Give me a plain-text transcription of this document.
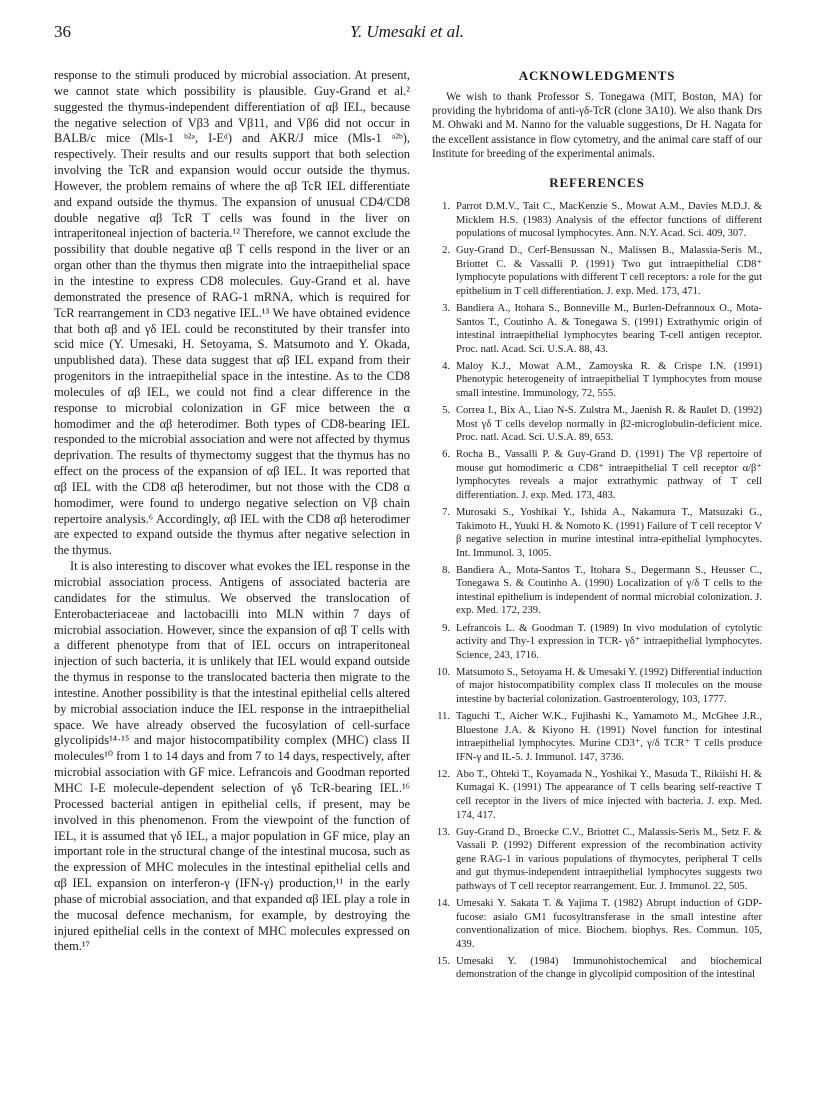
36	Y. Umesaki et al.

response to the stimuli produced by microbial association. At present, we cannot state which possibility is plausible. Guy-Grand et al.² suggested the thymus-independent differentiation of αβ IEL, because the negative selection of Vβ3 and Vβ11, and Vβ6 did not occur in BALB/c mice (Mls-1 ᵇ²ᵃ, I-Eᵈ) and AKR/J mice (Mls-1 ᵃ²ᵇ), respectively. Their results and our results support that both selection involving the TcR and expansion would occur outside the thymus. However, the problem remains of where the αβ TcR IEL differentiate and expand outside the thymus. The expansion of unusual CD4/CD8 double negative αβ TcR T cells was found in the liver on intraperitoneal injection of bacteria.¹² Therefore, we cannot exclude the possibility that double negative αβ T cells respond in the liver or an organ other than the thymus then migrate into the intraepithelial space in the intestine to express CD8 molecules. Guy-Grand et al. have demonstrated the presence of RAG-1 mRNA, which is required for TcR rearrangement in CD3 negative IEL.¹³ We have obtained evidence that both αβ and γδ IEL could be reconstituted by their transfer into scid mice (Y. Umesaki, H. Setoyama, S. Matsumoto and Y. Okada, unpublished data). These data suggest that αβ IEL expand from their progenitors in the intraepithelial space in the intestine. As to the CD8 molecules of αβ IEL, we could not find a clear difference in the response to microbial colonization in GF mice between the α homodimer and the αβ heterodimer. Both types of CD8-bearing IEL responded to the microbial association and were not affected by thymus deprivation. The results of thymectomy suggest that the thymus has no effect on the process of the expansion of αβ IEL. It was reported that αβ IEL with the CD8 αβ heterodimer, but not those with the CD8 α homodimer, were found to undergo negative selection on Vβ chain repertoire analysis.⁶ Accordingly, αβ IEL with the CD8 αβ heterodimer are expected to expand outside the thymus after negative selection in the thymus.

It is also interesting to discover what evokes the IEL response in the microbial association process. Antigens of associated bacteria are candidates for the stimulus. We observed the translocation of Enterobacteriaceae and lactobacilli into MLN within 7 days of microbial association. However, since the expansion of αβ T cells with a different phenotype from that of IEL occurs on intraperitoneal injection of such bacteria, it is unlikely that IEL would expand outside the thymus in response to the translocated bacteria then migrate to the intestine. Another possibility is that the intestinal epithelial cells altered by microbial association induce the IEL response in the intraepithelial space. We have already observed the fucosylation of cell-surface glycolipids¹⁴·¹⁵ and major histocompatibility complex (MHC) class II molecules¹⁰ from 1 to 14 days and from 7 to 14 days, respectively, after microbial association with GF mice. Lefrancois and Goodman reported MHC I-E molecule-dependent selection of γδ TcR-bearing IEL.¹⁶ Processed bacterial antigen in epithelial cells, if present, may be involved in this phenomenon. From the viewpoint of the function of IEL, it is assumed that γδ IEL, a major population in GF mice, play an important role in the structural change of the intestinal mucosa, such as the expression of MHC molecules in the intestinal epithelial cells and αβ IEL expansion on interferon-γ (IFN-γ) production,¹¹ in the early phase of microbial association, and that expanded αβ IEL play a role in the mucosal defence mechanism, for example, by destroying the injured epithelial cells in the context of MHC molecules expressed on them.¹⁷

ACKNOWLEDGMENTS

We wish to thank Professor S. Tonegawa (MIT, Boston, MA) for providing the hybridoma of anti-γδ-TcR (clone 3A10). We also thank Drs M. Ohwaki and M. Nanno for the valuable suggestions, Dr H. Nagata for the excellent assistance in flow cytometry, and the animal care staff of our Institute for breeding of the experimental animals.

REFERENCES
1. Parrot D.M.V., Tait C., MacKenzie S., Mowat A.M., Davies M.D.J. & Micklem H.S. (1983) Analysis of the effector functions of different populations of mucosal lymphocytes. Ann. N.Y. Acad. Sci. 409, 307.
2. Guy-Grand D., Cerf-Bensussan N., Malissen B., Malassia-Seris M., Briottet C. & Vassalli P. (1991) Two gut intraepithelial CD8⁺ lymphocyte populations with different T cell receptors: a role for the gut epithelium in T cell differentiation. J. exp. Med. 173, 471.
3. Bandiera A., Itohara S., Bonneville M., Burlen-Defrannoux O., Mota-Santos T., Coutinho A. & Tonegawa S. (1991) Extrathymic origin of intestinal intraepithelial lymphocytes bearing T-cell antigen receptor. Proc. natl. Acad. Sci. U.S.A. 88, 43.
4. Maloy K.J., Mowat A.M., Zamoyska R. & Crispe I.N. (1991) Phenotypic heterogeneity of intraepithelial T lymphocytes from mouse small intestine. Immunology, 72, 555.
5. Correa I., Bix A., Liao N-S. Zulstra M., Jaenish R. & Raulet D. (1992) Most γδ T cells develop normally in β2-microglobulin-deficient mice. Proc. natl. Acad. Sci. U.S.A. 89, 653.
6. Rocha B., Vassalli P. & Guy-Grand D. (1991) The Vβ repertoire of mouse gut homodimeric α CD8⁺ intraepithelial T cell receptor α/β⁺ lymphocytes reveals a major extrathymic pathway of T cell differentiation. J. exp. Med. 173, 483.
7. Murosaki S., Yoshikai Y., Ishida A., Nakamura T., Matsuzaki G., Takimoto H., Yuuki H. & Nomoto K. (1991) Failure of T cell receptor V β negative selection in murine intestinal intra-epithelial lymphocytes. Int. Immunol. 3, 1005.
8. Bandiera A., Mota-Santos T., Itohara S., Degermann S., Heusser C., Tonegawa S. & Coutinho A. (1990) Localization of γ/δ T cells to the intestinal epithelium is independent of normal microbial colonization. J. exp. Med. 172, 239.
9. Lefrancois L. & Goodman T. (1989) In vivo modulation of cytolytic activity and Thy-1 expression in TCR- γδ⁺ intraepithelial lymphocytes. Science, 243, 1716.
10. Matsumoto S., Setoyama H. & Umesaki Y. (1992) Differential induction of major histocompatibility complex class II molecules on the mouse intestine by bacterial colonization. Gastroenterology, 103, 1777.
11. Taguchi T., Aicher W.K., Fujihashi K., Yamamoto M., McGhee J.R., Bluestone J.A. & Kiyono H. (1991) Novel function for intestinal intraepithelial lymphocytes. Murine CD3⁺, γ/δ TCR⁺ T cells produce IFN-γ and IL-5. J. Immunol. 147, 3736.
12. Abo T., Ohteki T., Koyamada N., Yoshikai Y., Masuda T., Rikiishi H. & Kumagai K. (1991) The appearance of T cells bearing self-reactive T cell receptor in the livers of mice injected with bacteria. J. exp. Med. 174, 417.
13. Guy-Grand D., Broecke C.V., Briottet C., Malassis-Seris M., Setz F. & Vassali P. (1992) Different expression of the recombination activity gene RAG-1 in various populations of thymocytes, peripheral T cells and gut thymus-independent intraepithelial lymphocytes suggests two pathways of T cell receptor rearrangement. Eur. J. Immunol. 22, 505.
14. Umesaki Y. Sakata T. & Yajima T. (1982) Abrupt induction of GDP-fucose: asialo GM1 fucosyltransferase in the small intestine after conventionalization of mice. Biochem. biophys. Res. Commun. 105, 439.
15. Umesaki Y. (1984) Immunohistochemical and biochemical demonstration of the change in glycolipid composition of the intestinal
